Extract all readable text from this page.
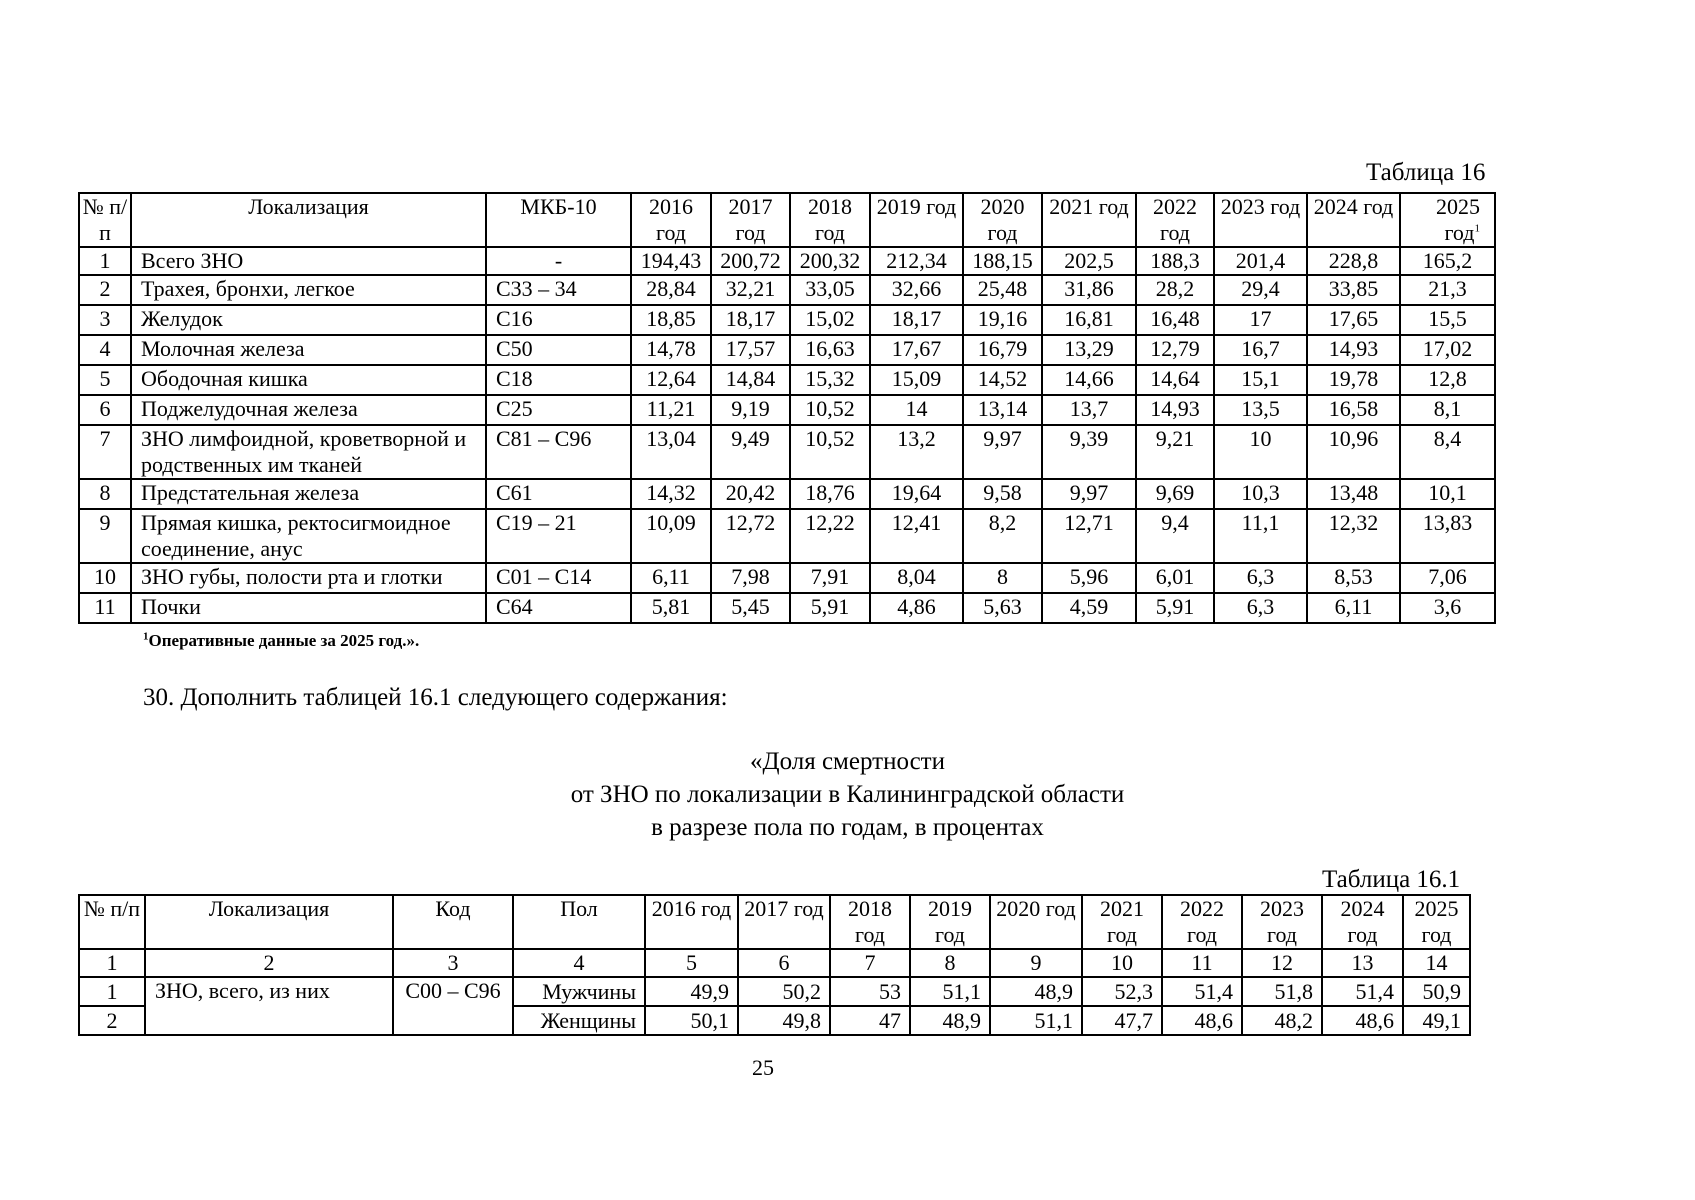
Таблица 16
№ п/п	Локализация	МКБ-10	2016 год	2017 год	2018 год	2019 год	2020 год	2021 год	2022 год	2023 год	2024 год	2025 год$^1$
1	Всего ЗНО	-	194,43	200,72	200,32	212,34	188,15	202,5	188,3	201,4	228,8	165,2
2	Трахея, бронхи, легкое	C33 – 34	28,84	32,21	33,05	32,66	25,48	31,86	28,2	29,4	33,85	21,3
3	Желудок	C16	18,85	18,17	15,02	18,17	19,16	16,81	16,48	17	17,65	15,5
4	Молочная железа	C50	14,78	17,57	16,63	17,67	16,79	13,29	12,79	16,7	14,93	17,02
5	Ободочная кишка	C18	12,64	14,84	15,32	15,09	14,52	14,66	14,64	15,1	19,78	12,8
6	Поджелудочная железа	C25	11,21	9,19	10,52	14	13,14	13,7	14,93	13,5	16,58	8,1
7	ЗНО лимфоидной, кроветворной и родственных им тканей	C81 – C96	13,04	9,49	10,52	13,2	9,97	9,39	9,21	10	10,96	8,4
8	Предстательная железа	C61	14,32	20,42	18,76	19,64	9,58	9,97	9,69	10,3	13,48	10,1
9	Прямая кишка, ректосигмоидное соединение, анус	C19 – 21	10,09	12,72	12,22	12,41	8,2	12,71	9,4	11,1	12,32	13,83
10	ЗНО губы, полости рта и глотки	C01 – C14	6,11	7,98	7,91	8,04	8	5,96	6,01	6,3	8,53	7,06
11	Почки	C64	5,81	5,45	5,91	4,86	5,63	4,59	5,91	6,3	6,11	3,6
$^1$Оперативные данные за 2025 год.».
30. Дополнить таблицей 16.1 следующего содержания:
«Доля смертности
от ЗНО по локализации в Калининградской области
в разрезе пола по годам, в процентах
Таблица 16.1
№ п/п	Локализация	Код	Пол	2016 год	2017 год	2018 год	2019 год	2020 год	2021 год	2022 год	2023 год	2024 год	2025 год
1	2	3	4	5	6	7	8	9	10	11	12	13	14
1	ЗНО, всего, из них	C00 – C96	Мужчины	49,9	50,2	53	51,1	48,9	52,3	51,4	51,8	51,4	50,9
2			Женщины	50,1	49,8	47	48,9	51,1	47,7	48,6	48,2	48,6	49,1
25
